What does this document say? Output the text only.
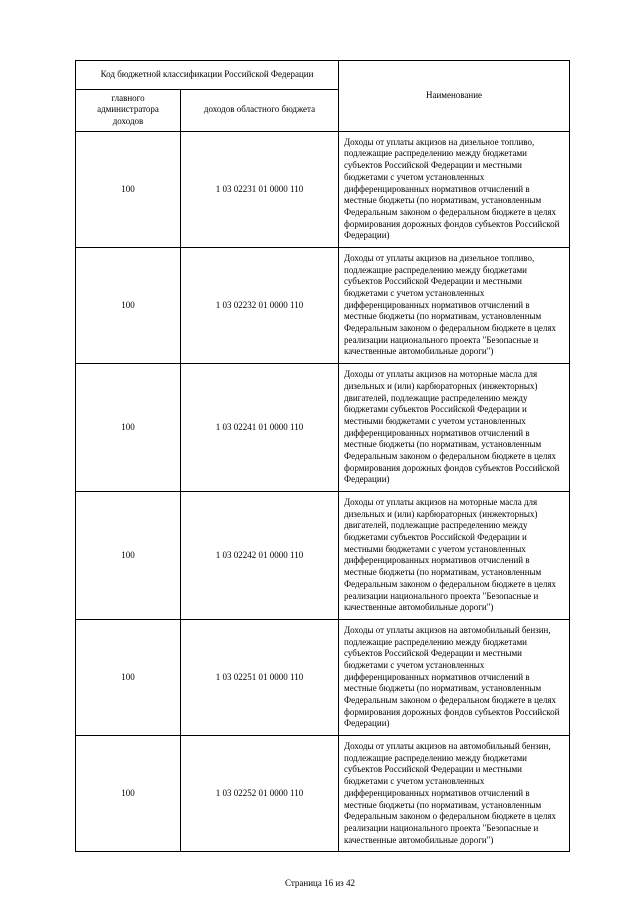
Код бюджетной классификации Российской Федерации		Наименование
главного администратора доходов	доходов областного бюджета	
100	1 03 02231 01 0000 110	Доходы от уплаты акцизов на дизельное топливо, подлежащие распределению между бюджетами субъектов Российской Федерации и местными бюджетами с учетом установленных дифференцированных нормативов отчислений в местные бюджеты (по нормативам, установленным Федеральным законом о федеральном бюджете в целях формирования дорожных фондов субъектов Российской Федерации)
100	1 03 02232 01 0000 110	Доходы от уплаты акцизов на дизельное топливо, подлежащие распределению между бюджетами субъектов Российской Федерации и местными бюджетами с учетом установленных дифференцированных нормативов отчислений в местные бюджеты (по нормативам, установленным Федеральным законом о федеральном бюджете в целях реализации национального проекта "Безопасные и качественные автомобильные дороги")
100	1 03 02241 01 0000 110	Доходы от уплаты акцизов на моторные масла для дизельных и (или) карбюраторных (инжекторных) двигателей, подлежащие распределению между бюджетами субъектов Российской Федерации и местными бюджетами с учетом установленных дифференцированных нормативов отчислений в местные бюджеты (по нормативам, установленным Федеральным законом о федеральном бюджете в целях формирования дорожных фондов субъектов Российской Федерации)
100	1 03 02242 01 0000 110	Доходы от уплаты акцизов на моторные масла для дизельных и (или) карбюраторных (инжекторных) двигателей, подлежащие распределению между бюджетами субъектов Российской Федерации и местными бюджетами с учетом установленных дифференцированных нормативов отчислений в местные бюджеты (по нормативам, установленным Федеральным законом о федеральном бюджете в целях реализации национального проекта "Безопасные и качественные автомобильные дороги")
100	1 03 02251 01 0000 110	Доходы от уплаты акцизов на автомобильный бензин, подлежащие распределению между бюджетами субъектов Российской Федерации и местными бюджетами с учетом установленных дифференцированных нормативов отчислений в местные бюджеты (по нормативам, установленным Федеральным законом о федеральном бюджете в целях формирования дорожных фондов субъектов Российской Федерации)
100	1 03 02252 01 0000 110	Доходы от уплаты акцизов на автомобильный бензин, подлежащие распределению между бюджетами субъектов Российской Федерации и местными бюджетами с учетом установленных дифференцированных нормативов отчислений в местные бюджеты (по нормативам, установленным Федеральным законом о федеральном бюджете в целях реализации национального проекта "Безопасные и качественные автомобильные дороги")
Страница 16 из 42
